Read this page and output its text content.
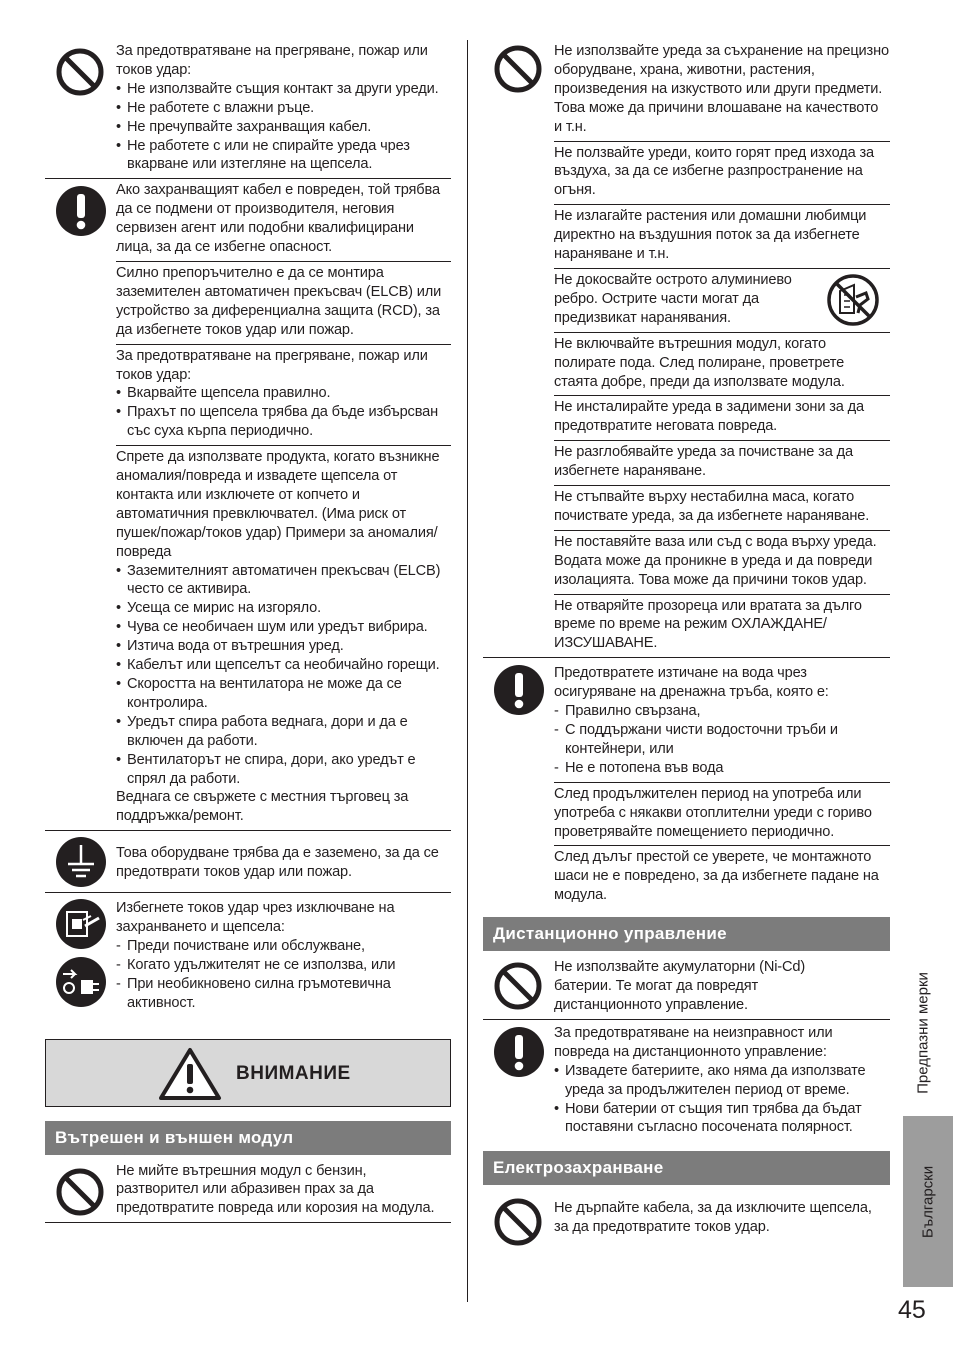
За предотвратяване на прегряване, пожар или токов удар:
• Не използвайте същия контакт за други уреди.
• Не работете с влажни ръце.
• Не пречупвайте захранващия кабел.
• Не работете с или не спирайте уреда чрез вкарване или изтегляне на щепсела.
Ако захранващият кабел е повреден, той трябва да се подмени от производителя, неговия сервизен агент или подобни квалифицирани лица, за да се избегне опасност.
Силно препоръчително е да се монтира заземителен автоматичен прекъсвач (ELCB) или устройство за диференциална защита (RCD), за да избегнете токов удар или пожар.
За предотвратяване на прегряване, пожар или токов удар:
• Вкарвайте щепсела правилно.
• Прахът по щепсела трябва да бъде избърсван със суха кърпа периодично.
Спрете да използвате продукта, когато възникне аномалия/повреда и извадете щепсела от контакта или изключете от копчето и автоматичния превключвател. (Има риск от пушек/пожар/токов удар) Примери за аномалия/повреда
• Заземителният автоматичен прекъсвач (ELCB) често се активира.
• Усеща се мирис на изгоряло.
• Чува се необичаен шум или уредът вибрира.
• Изтича вода от вътрешния уред.
• Кабелът или щепселът са необичайно горещи.
• Скоростта на вентилатора не може да се контролира.
• Уредът спира работа веднага, дори и да е включен да работи.
• Вентилаторът не спира, дори, ако уредът е спрял да работи.
Веднага се свържете с местния търговец за поддръжка/ремонт.
Това оборудване трябва да е заземено, за да се предотврати токов удар или пожар.
Избегнете токов удар чрез изключване на захранването и щепсела:
- Преди почистване или обслужване,
- Когато удължителят не се използва, или
- При необикновено силна гръмотевична активност.
ВНИМАНИЕ
Вътрешен и външен модул
Не мийте вътрешния модул с бензин, разтворител или абразивен прах за да предотвратите повреда или корозия на модула.
Не използвайте уреда за съхранение на прецизно оборудване, храна, животни, растения, произведения на изкуството или други предмети. Това може да причини влошаване на качеството и т.н.
Не ползвайте уреди, които горят пред изхода за въздуха, за да се избегне разпространение на огъня.
Не излагайте растения или домашни любимци директно на въздушния поток за да избегнете нараняване и т.н.
Не докосвайте острото алуминиево ребро. Острите части могат да предизвикат наранявания.
Не включвайте вътрешния модул, когато полирате пода. След полиране, проветрете стаята добре, преди да използвате модула.
Не инсталирайте уреда в задимени зони за да предотвратите неговата повреда.
Не разглобявайте уреда за почистване за да избегнете нараняване.
Не стъпвайте върху нестабилна маса, когато почиствате уреда, за да избегнете нараняване.
Не поставяйте ваза или съд с вода върху уреда. Водата може да проникне в уреда и да повреди изолацията. Това може да причини токов удар.
Не отваряйте прозореца или вратата за дълго време по време на режим ОХЛАЖДАНЕ/ ИЗСУШАВАНЕ.
Предотвратете изтичане на вода чрез осигуряване на дренажна тръба, която е:
- Правилно свързана,
- С поддържани чисти водосточни тръби и контейнери, или
- Не е потопена във вода
След продължителен период на употреба или употреба с някакви отоплителни уреди с гориво проветрявайте помещението периодично.
След дълъг престой се уверете, че монтажното шаси не е повредено, за да избегнете падане на модула.
Дистанционно управление
Не използвайте акумулаторни (Ni-Cd) батерии. Те могат да повредят дистанционното управление.
За предотвратяване на неизправност или повреда на дистанционното управление:
• Извадете батериите, ако няма да използвате уреда за продължителен период от време.
• Нови батерии от същия тип трябва да бъдат поставяни съгласно посочената полярност.
Електрозахранване
Не дърпайте кабела, за да изключите щепсела, за да предотвратите токов удар.
Предпазни мерки
Български
45
